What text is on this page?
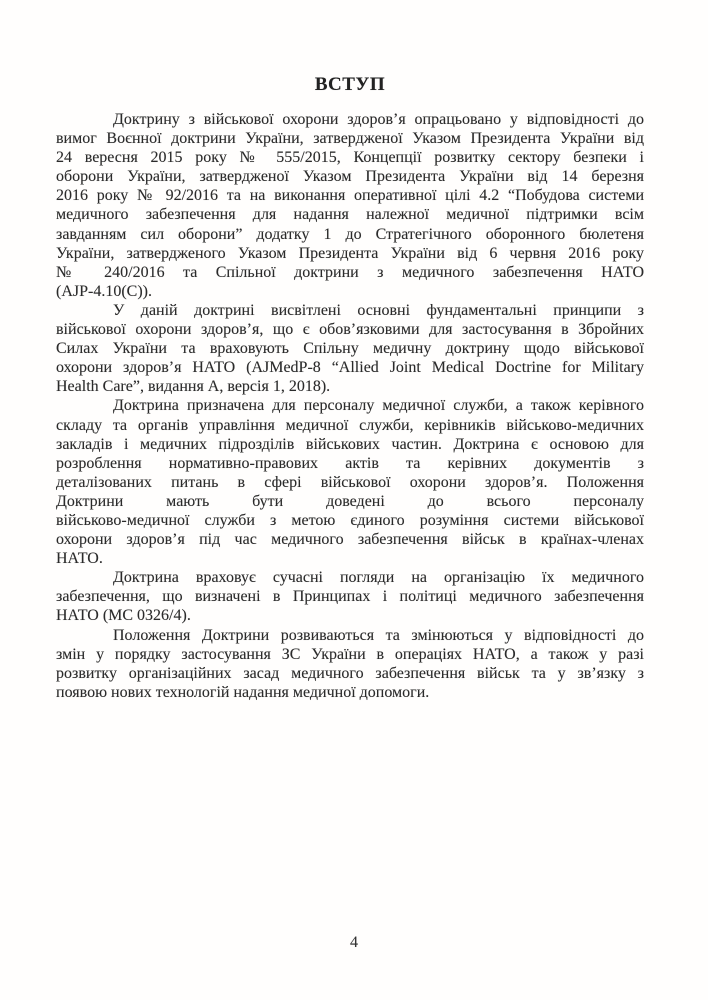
ВСТУП
Доктрину з військової охорони здоров’я опрацьовано у відповідності до
вимог Воєнної доктрини України, затвердженої Указом Президента України від
24 вересня 2015 року № 555/2015, Концепції розвитку сектору безпеки і
оборони України, затвердженої Указом Президента України від 14 березня
2016 року № 92/2016 та на виконання оперативної цілі 4.2 “Побудова системи
медичного забезпечення для надання належної медичної підтримки всім
завданням сил оборони” додатку 1 до Стратегічного оборонного бюлетеня
України, затвердженого Указом Президента України від 6 червня 2016 року
№ 240/2016 та Спільної доктрини з медичного забезпечення НАТО
(AJP-4.10(C)).
У даній доктрині висвітлені основні фундаментальні принципи з
військової охорони здоров’я, що є обов’язковими для застосування в Збройних
Силах України та враховують Спільну медичну доктрину щодо військової
охорони здоров’я НАТО (AJMedP-8 “Allied Joint Medical Doctrine for Military
Health Care”, видання A, версія 1, 2018).
Доктрина призначена для персоналу медичної служби, а також керівного
складу та органів управління медичної служби, керівників військово-медичних
закладів і медичних підрозділів військових частин. Доктрина є основою для
розроблення нормативно-правових актів та керівних документів з
деталізованих питань в сфері військової охорони здоров’я. Положення
Доктрини мають бути доведені до всього персоналу
військово-медичної служби з метою єдиного розуміння системи військової
охорони здоров’я під час медичного забезпечення військ в країнах-членах
НАТО.
Доктрина враховує сучасні погляди на організацію їх медичного
забезпечення, що визначені в Принципах і політиці медичного забезпечення
НАТО (MC 0326/4).
Положення Доктрини розвиваються та змінюються у відповідності до
змін у порядку застосування ЗС України в операціях НАТО, а також у разі
розвитку організаційних засад медичного забезпечення військ та у зв’язку з
появою нових технологій надання медичної допомоги.
4
